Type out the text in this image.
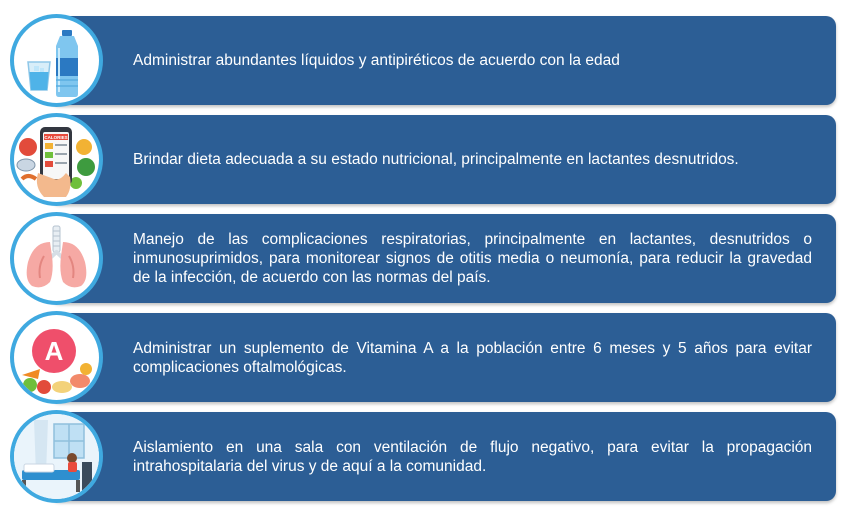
Administrar abundantes líquidos y antipiréticos de acuerdo con la edad
CALORIES
Brindar dieta adecuada a su estado nutricional, principalmente en lactantes desnutridos.
Manejo de las complicaciones respiratorias, principalmente en lactantes, desnutridos o inmunosuprimidos, para monitorear signos de otitis media o neumonía, para reducir la gravedad de la infección, de acuerdo con las normas del país.
A	Administrar un suplemento de Vitamina A a la población entre 6 meses y 5 años para evitar complicaciones oftalmológicas.
Aislamiento en una sala con ventilación de flujo negativo, para evitar la propagación intrahospitalaria del virus y de aquí a la comunidad.
